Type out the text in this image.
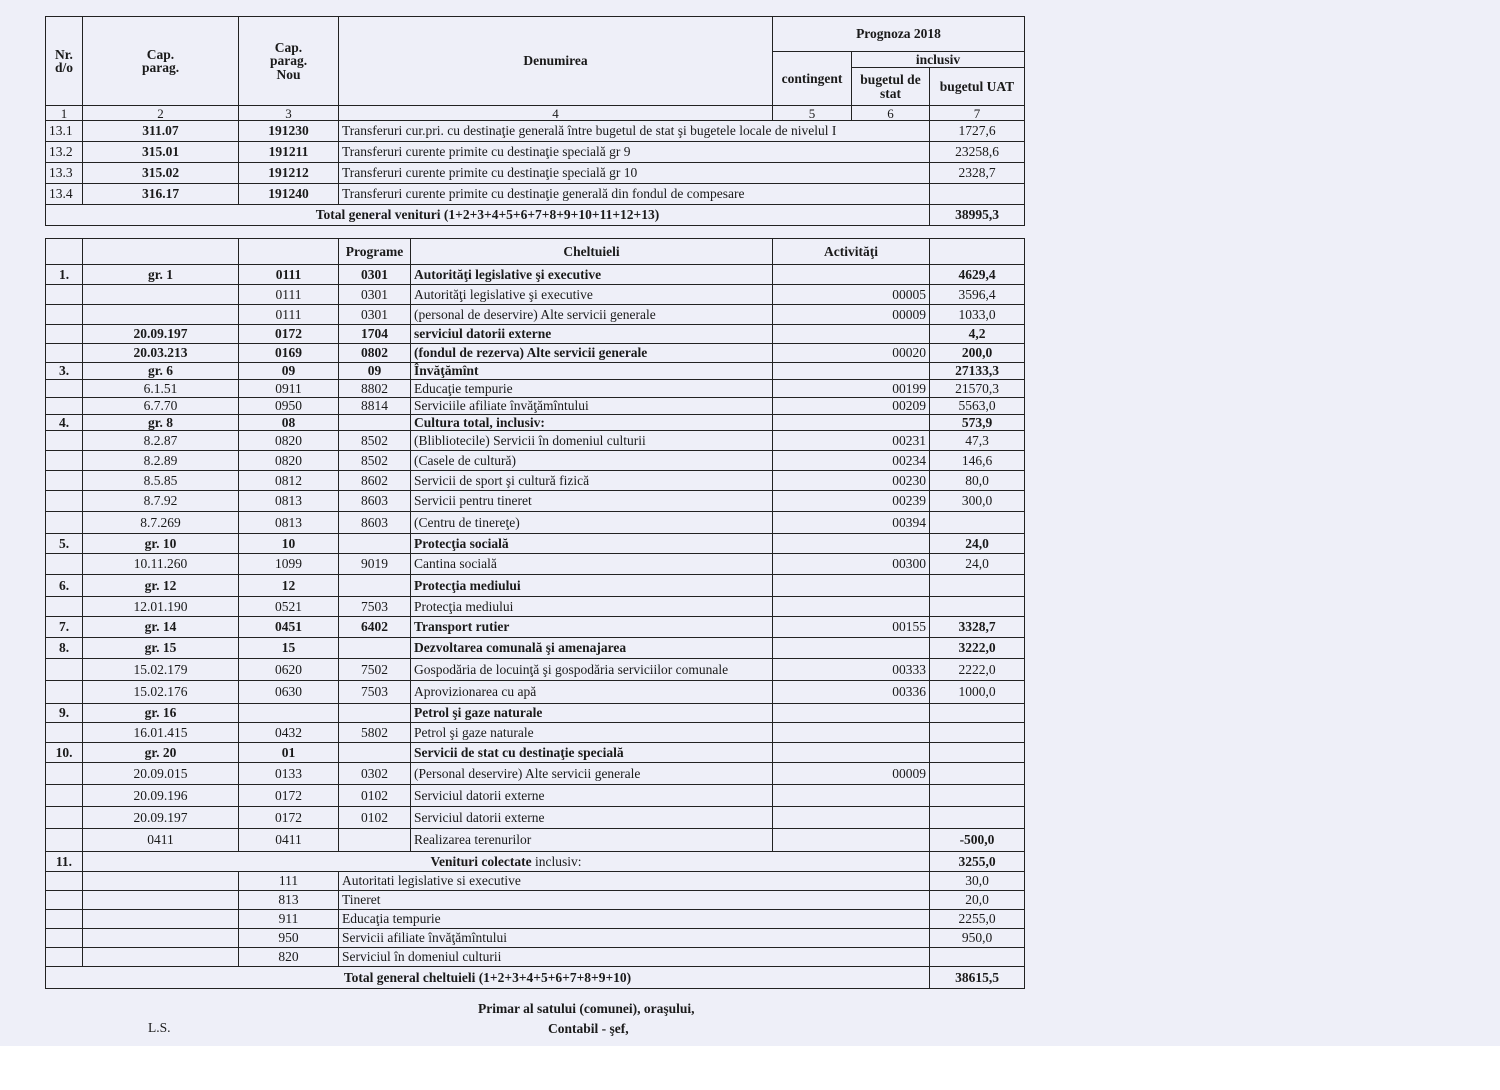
Nr. d/o	Cap. parag.	Cap. parag. Nou	Denumirea	Prognoza 2018		
				contingent	inclusiv	

					bugetul de stat	bugetul UAT
1	2	3	4	5	6	7
13.1	311.07	191230	Transferuri cur.pri. cu destinaţie generală între bugetul de stat şi bugetele locale de nivelul I			1727,6
13.2	315.01	191211	Transferuri curente primite cu destinaţie specială gr 9			23258,6
13.3	315.02	191212	Transferuri curente primite cu destinaţie specială gr 10			2328,7
13.4	316.17	191240	Transferuri curente primite cu destinaţie generală din fondul de compesare			
Total general venituri (1+2+3+4+5+6+7+8+9+10+11+12+13)						38995,3
			Programe	Cheltuieli	Activităţi	
1.	gr. 1	0111	0301	Autorităţi legislative şi executive		4629,4
		0111	0301	Autorităţi legislative şi executive	00005	3596,4
		0111	0301	(personal de deservire) Alte servicii generale	00009	1033,0
	20.09.197	0172	1704	serviciul datorii externe		4,2
	20.03.213	0169	0802	(fondul de rezerva) Alte servicii generale	00020	200,0
3.	gr. 6	09	09	Învăţămînt		27133,3
	6.1.51	0911	8802	Educaţie tempurie	00199	21570,3
	6.7.70	0950	8814	Serviciile afiliate învăţămîntului	00209	5563,0
4.	gr. 8	08		Cultura total, inclusiv:		573,9
	8.2.87	0820	8502	(Blibliotecile) Servicii în domeniul culturii	00231	47,3
	8.2.89	0820	8502	(Casele de cultură)	00234	146,6
	8.5.85	0812	8602	Servicii de sport şi cultură fizică	00230	80,0
	8.7.92	0813	8603	Servicii pentru tineret	00239	300,0
	8.7.269	0813	8603	(Centru de tinereţe)	00394	
5.	gr. 10	10		Protecţia socială		24,0
	10.11.260	1099	9019	Cantina socială	00300	24,0
6.	gr. 12	12		Protecţia mediului		
	12.01.190	0521	7503	Protecţia mediului		
7.	gr. 14	0451	6402	Transport rutier	00155	3328,7
8.	gr. 15	15		Dezvoltarea comunală şi amenajarea		3222,0
	15.02.179	0620	7502	Gospodăria de locuinţă şi gospodăria serviciilor comunale	00333	2222,0
	15.02.176	0630	7503	Aprovizionarea cu apă	00336	1000,0
9.	gr. 16			Petrol şi gaze naturale		
	16.01.415	0432	5802	Petrol şi gaze naturale		
10.	gr. 20	01		Servicii de stat cu destinaţie specială		
	20.09.015	0133	0302	(Personal deservire) Alte servicii generale	00009	
	20.09.196	0172	0102	Serviciul datorii externe		
	20.09.197	0172	0102	Serviciul datorii externe		
	0411	0411		Realizarea terenurilor		-500,0
11.	Venituri colectate inclusiv:					3255,0
		111	Autoritati legislative si executive			30,0
		813	Tineret			20,0
		911	Educaţia tempurie			2255,0
		950	Servicii afiliate învăţămîntului			950,0
		820	Serviciul în domeniul culturii			
Total general cheltuieli (1+2+3+4+5+6+7+8+9+10)						38615,5
Primar al satului (comunei), oraşului,
Contabil - şef,
L.S.
